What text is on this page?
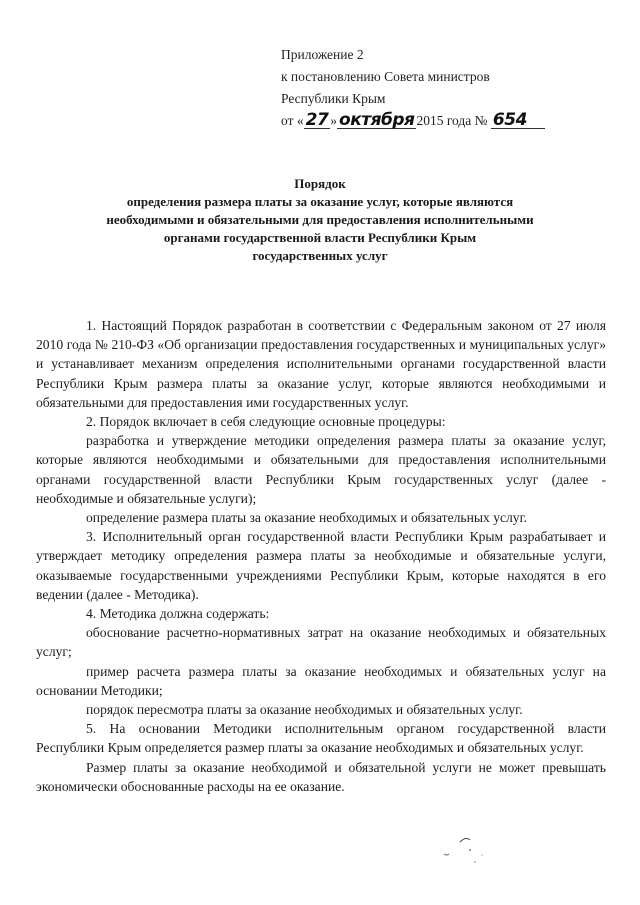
Приложение 2
к постановлению Совета министров
Республики Крым
от « 27 » октября 2015 года № 654
Порядок
определения размера платы за оказание услуг, которые являются
необходимыми и обязательными для предоставления исполнительными
органами государственной власти Республики Крым
государственных услуг

1. Настоящий Порядок разработан в соответствии с Федеральным законом от 27 июля 2010 года № 210-ФЗ «Об организации предоставления государственных и муниципальных услуг» и устанавливает механизм определения исполнительными органами государственной власти Республики Крым размера платы за оказание услуг, которые являются необходимыми и обязательными для предоставления ими государственных услуг.

2. Порядок включает в себя следующие основные процедуры:

разработка и утверждение методики определения размера платы за оказание услуг, которые являются необходимыми и обязательными для предоставления исполнительными органами государственной власти Республики Крым государственных услуг (далее - необходимые и обязательные услуги);

определение размера платы за оказание необходимых и обязательных услуг.

3. Исполнительный орган государственной власти Республики Крым разрабатывает и утверждает методику определения размера платы за необходимые и обязательные услуги, оказываемые государственными учреждениями Республики Крым, которые находятся в его ведении (далее - Методика).

4. Методика должна содержать:

обоснование расчетно-нормативных затрат на оказание необходимых и обязательных услуг;

пример расчета размера платы за оказание необходимых и обязательных услуг на основании Методики;

порядок пересмотра платы за оказание необходимых и обязательных услуг.

5. На основании Методики исполнительным органом государственной власти Республики Крым определяется размер платы за оказание необходимых и обязательных услуг.

Размер платы за оказание необходимой и обязательной услуги не может превышать экономически обоснованные расходы на ее оказание.
